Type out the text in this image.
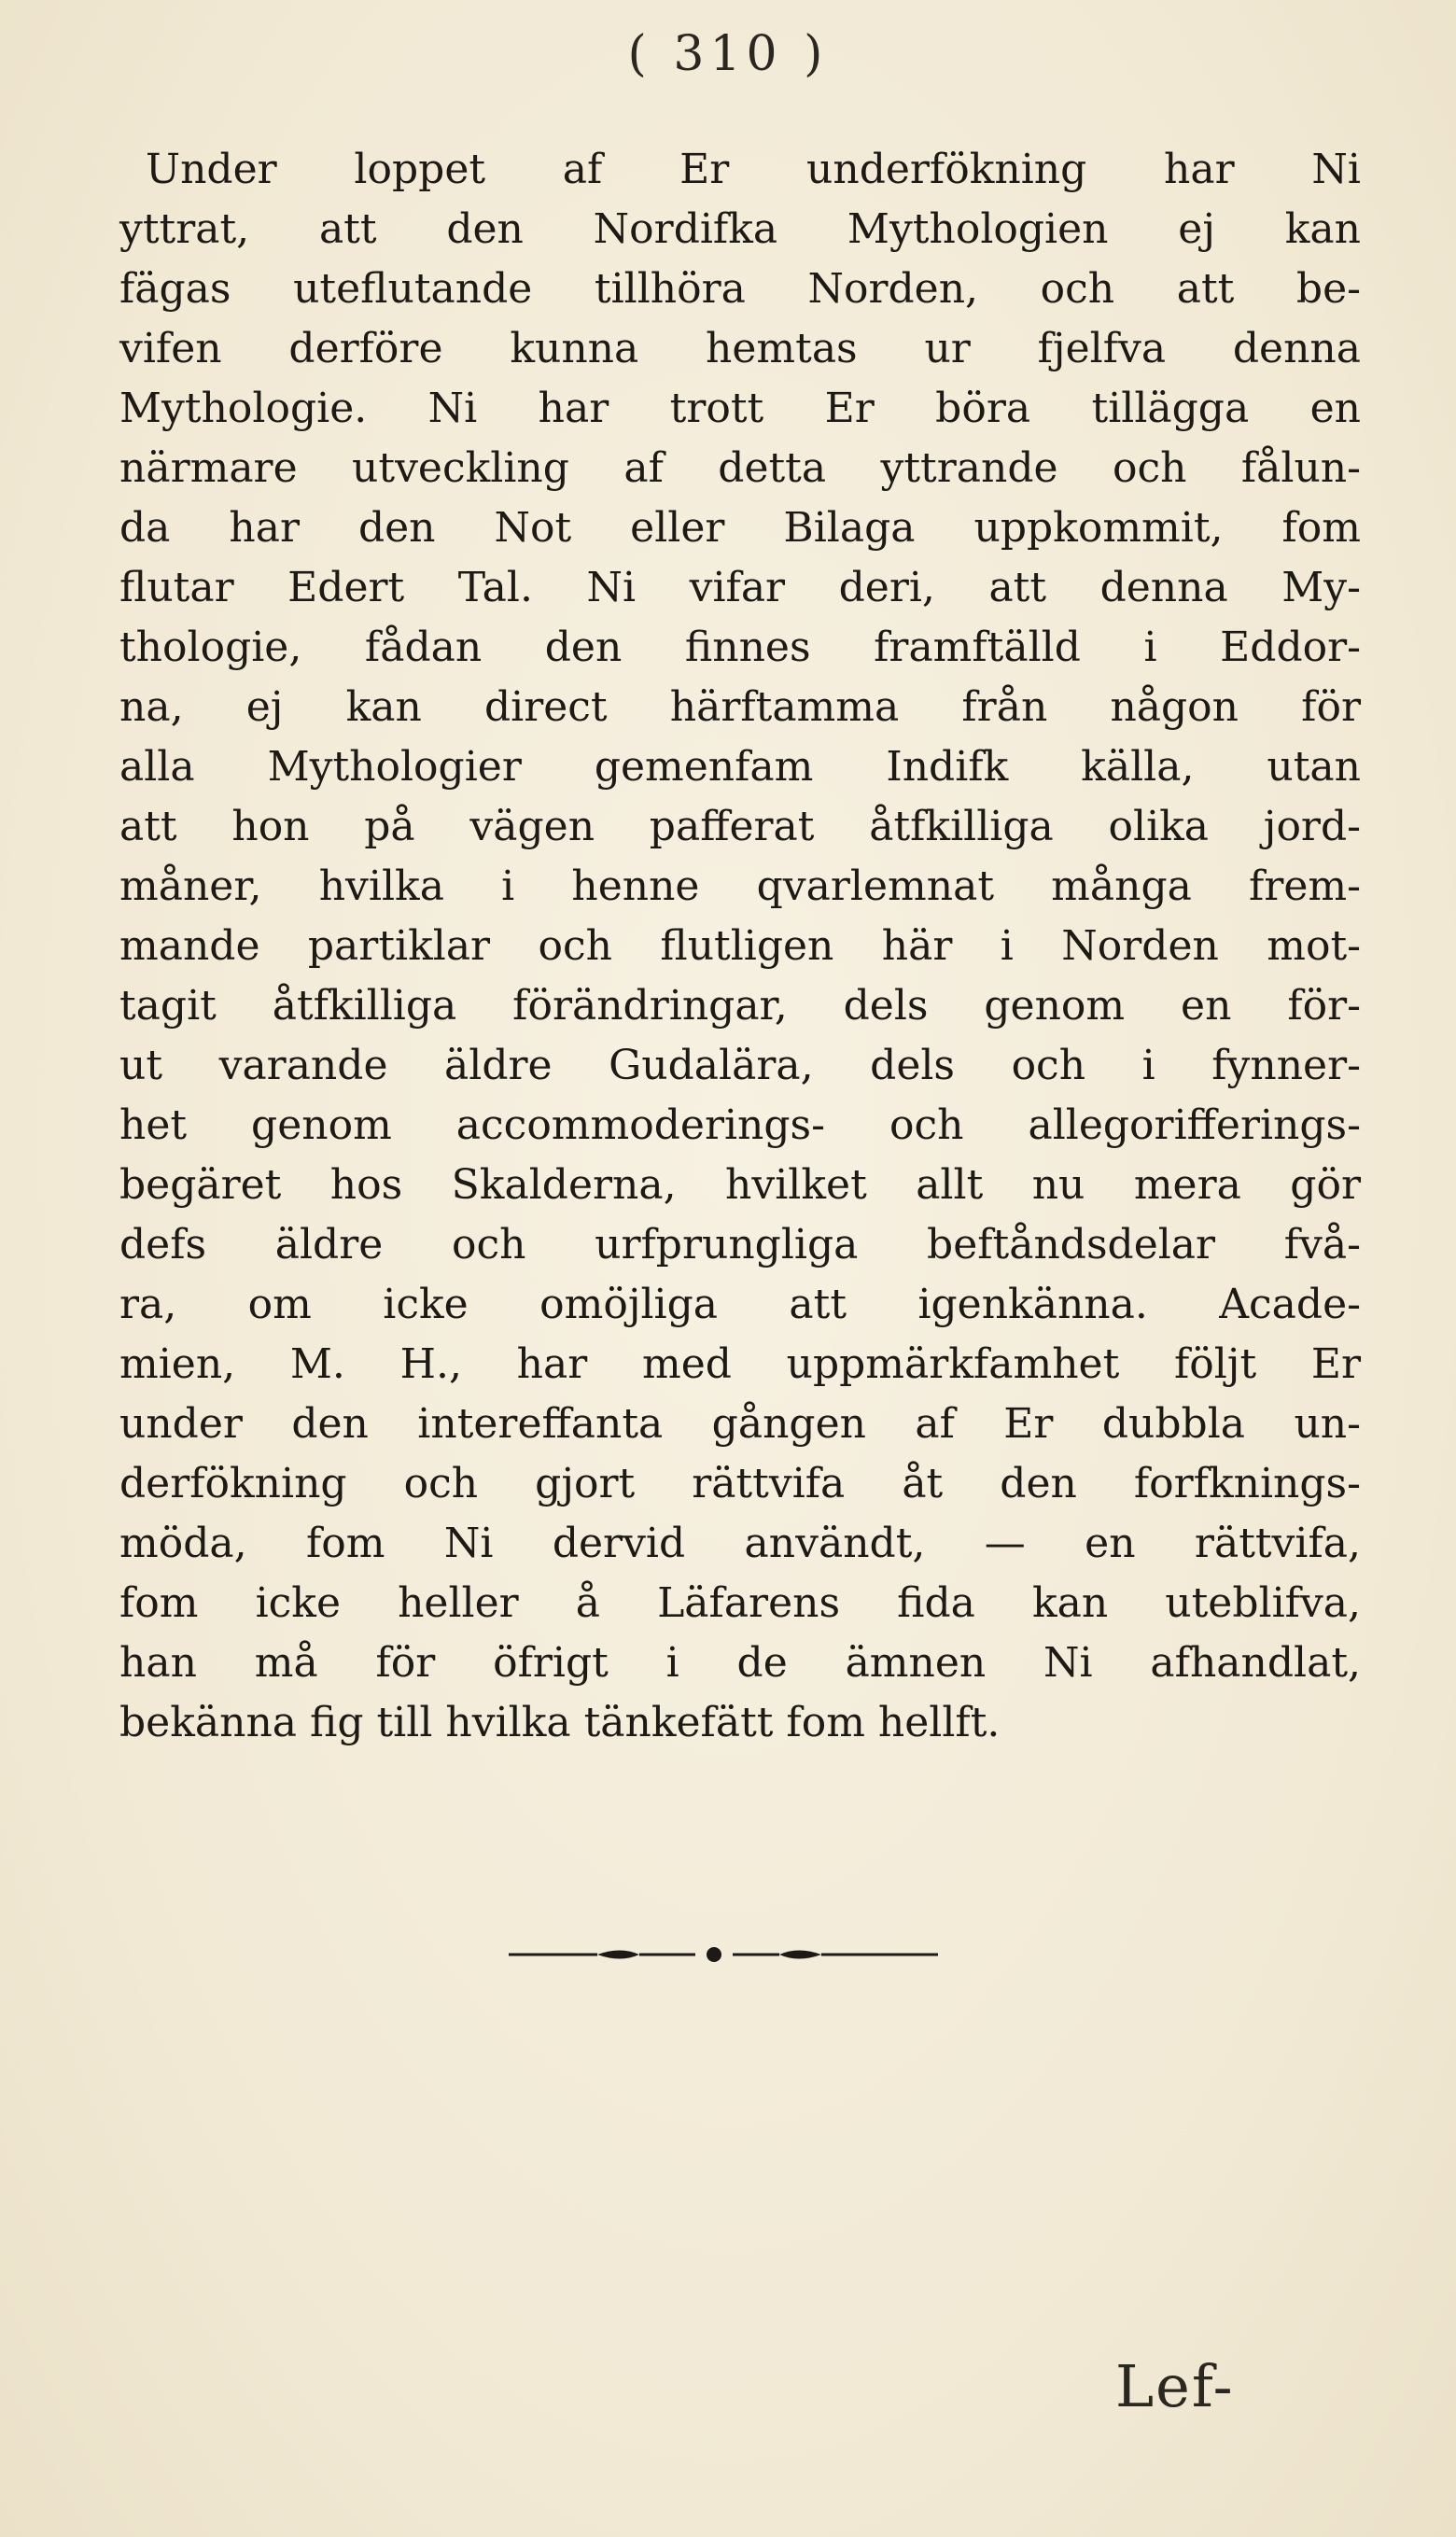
( 310 )
Under loppet af Er underfökning har Ni
yttrat, att den Nordifka Mythologien ej kan
fägas uteflutande tillhöra Norden, och att be-
vifen derföre kunna hemtas ur fjelfva denna
Mythologie. Ni har trott Er böra tillägga en
närmare utveckling af detta yttrande och fålun-
da har den Not eller Bilaga uppkommit, fom
flutar Edert Tal. Ni vifar deri, att denna My-
thologie, fådan den finnes framftälld i Eddor-
na, ej kan direct härftamma från någon för
alla Mythologier gemenfam Indifk källa, utan
att hon på vägen pafferat åtfkilliga olika jord-
måner, hvilka i henne qvarlemnat många frem-
mande partiklar och flutligen här i Norden mot-
tagit åtfkilliga förändringar, dels genom en för-
ut varande äldre Gudalära, dels och i fynner-
het genom accommoderings- och allegorifferings-
begäret hos Skalderna, hvilket allt nu mera gör
defs äldre och urfprungliga beftåndsdelar fvå-
ra, om icke omöjliga att igenkänna. Acade-
mien, M. H., har med uppmärkfamhet följt Er
under den intereffanta gången af Er dubbla un-
derfökning och gjort rättvifa åt den forfknings-
möda, fom Ni dervid användt, — en rättvifa,
fom icke heller å Läfarens fida kan uteblifva,
han må för öfrigt i de ämnen Ni afhandlat,
bekänna fig till hvilka tänkefätt fom hellft.
Lef-
